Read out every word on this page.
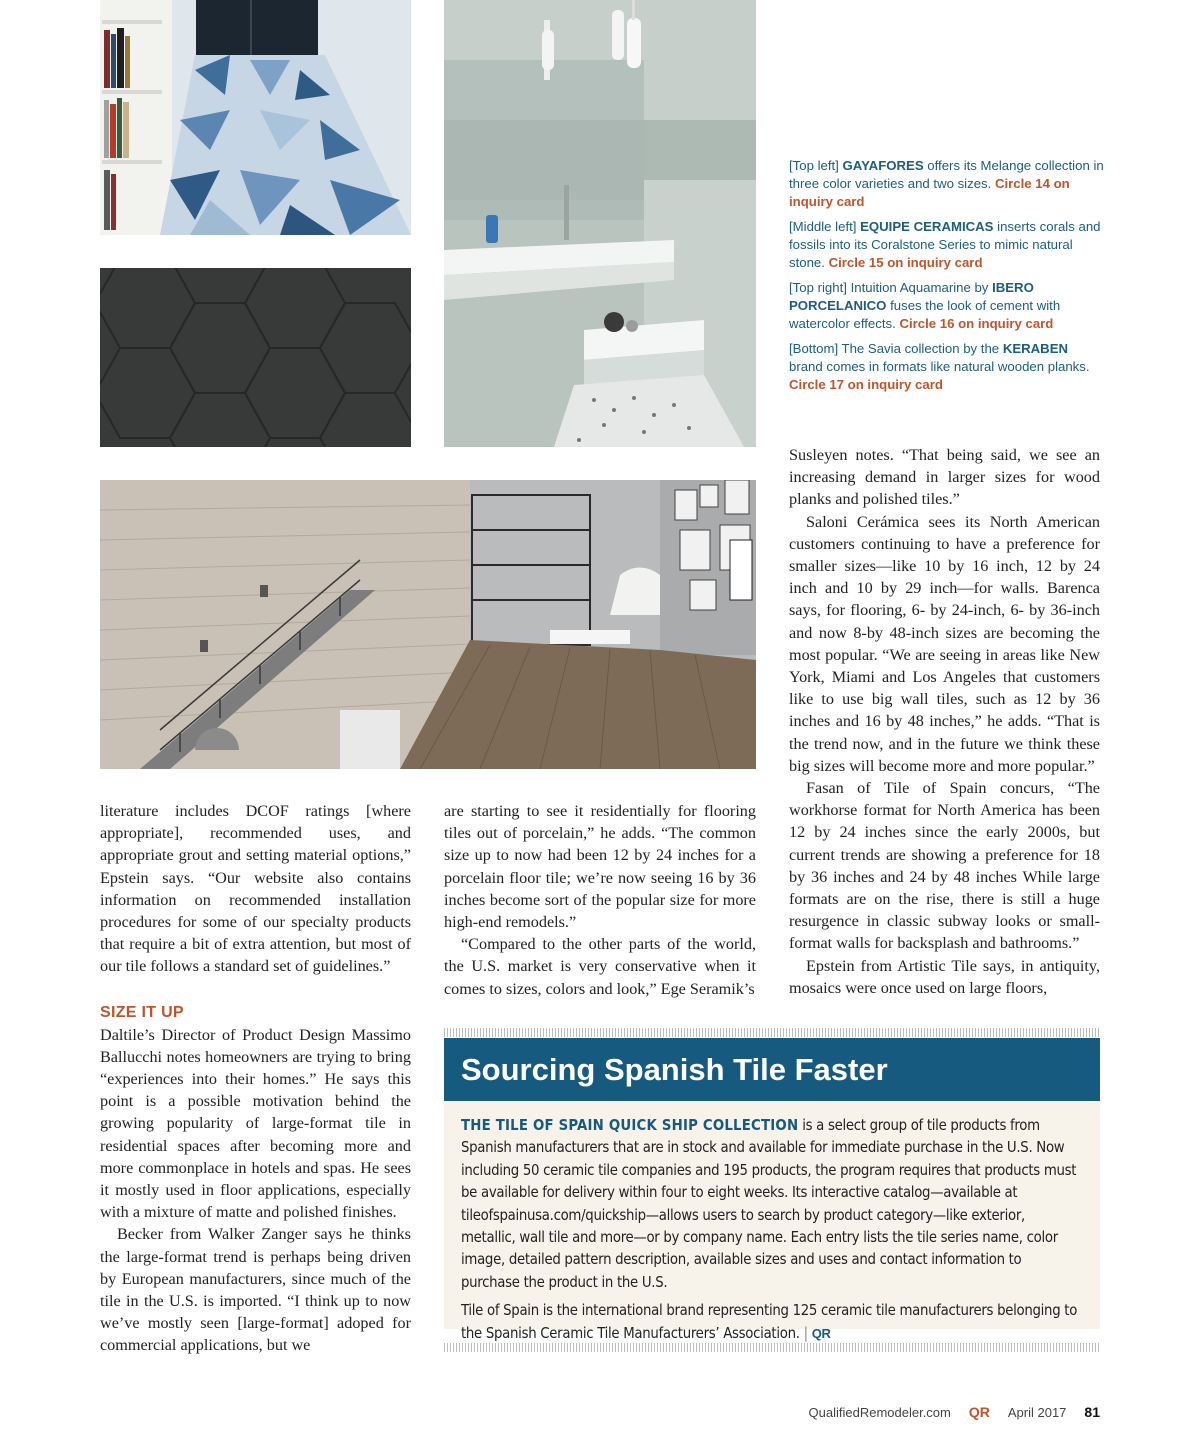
[Top left] GAYAFORES offers its Melange collection in three color varieties and two sizes. Circle 14 on inquiry card

[Middle left] EQUIPE CERAMICAS inserts corals and fossils into its Coralstone Series to mimic natural stone. Circle 15 on inquiry card

[Top right] Intuition Aquamarine by IBERO PORCELANICO fuses the look of cement with watercolor effects. Circle 16 on inquiry card

[Bottom] The Savia collection by the KERABEN brand comes in formats like natural wooden planks. Circle 17 on inquiry card

literature includes DCOF ratings [where appropriate], recommended uses, and appropriate grout and setting material options,” Epstein says. “Our website also contains information on recommended installation procedures for some of our specialty products that require a bit of extra attention, but most of our tile follows a standard set of guidelines.”

SIZE IT UP

Daltile’s Director of Product Design Massimo Ballucchi notes homeowners are trying to bring “experiences into their homes.” He says this point is a possible motivation behind the growing popularity of large-format tile in residential spaces after becoming more and more commonplace in hotels and spas. He sees it mostly used in floor applications, especially with a mixture of matte and polished finishes.

Becker from Walker Zanger says he thinks the large-format trend is perhaps being driven by European manufacturers, since much of the tile in the U.S. is imported. “I think up to now we’ve mostly seen [large-format] adoped for commercial applications, but we

are starting to see it residentially for flooring tiles out of porcelain,” he adds. “The common size up to now had been 12 by 24 inches for a porcelain floor tile; we’re now seeing 16 by 36 inches become sort of the popular size for more high-end remodels.”

“Compared to the other parts of the world, the U.S. market is very conservative when it comes to sizes, colors and look,” Ege Seramik’s

Susleyen notes. “That being said, we see an increasing demand in larger sizes for wood planks and polished tiles.”

Saloni Cerámica sees its North American customers continuing to have a preference for smaller sizes—like 10 by 16 inch, 12 by 24 inch and 10 by 29 inch—for walls. Barenca says, for flooring, 6- by 24-inch, 6- by 36-inch and now 8-by 48-inch sizes are becoming the most popular. “We are seeing in areas like New York, Miami and Los Angeles that customers like to use big wall tiles, such as 12 by 36 inches and 16 by 48 inches,” he adds. “That is the trend now, and in the future we think these big sizes will become more and more popular.”

Fasan of Tile of Spain concurs, “The workhorse format for North America has been 12 by 24 inches since the early 2000s, but current trends are showing a preference for 18 by 36 inches and 24 by 48 inches While large formats are on the rise, there is still a huge resurgence in classic subway looks or small-format walls for backsplash and bathrooms.”

Epstein from Artistic Tile says, in antiquity, mosaics were once used on large floors,

Sourcing Spanish Tile Faster

THE TILE OF SPAIN QUICK SHIP COLLECTION is a select group of tile products from Spanish manufacturers that are in stock and available for immediate purchase in the U.S. Now including 50 ceramic tile companies and 195 products, the program requires that products must be available for delivery within four to eight weeks. Its interactive catalog—available at tileofspainusa.com/quickship—allows users to search by product category—like exterior, metallic, wall tile and more—or by company name. Each entry lists the tile series name, color image, detailed pattern description, available sizes and uses and contact information to purchase the product in the U.S.

Tile of Spain is the international brand representing 125 ceramic tile manufacturers belonging to the Spanish Ceramic Tile Manufacturers’ Association. | QR

QualifiedRemodeler.com QR April 2017 81
